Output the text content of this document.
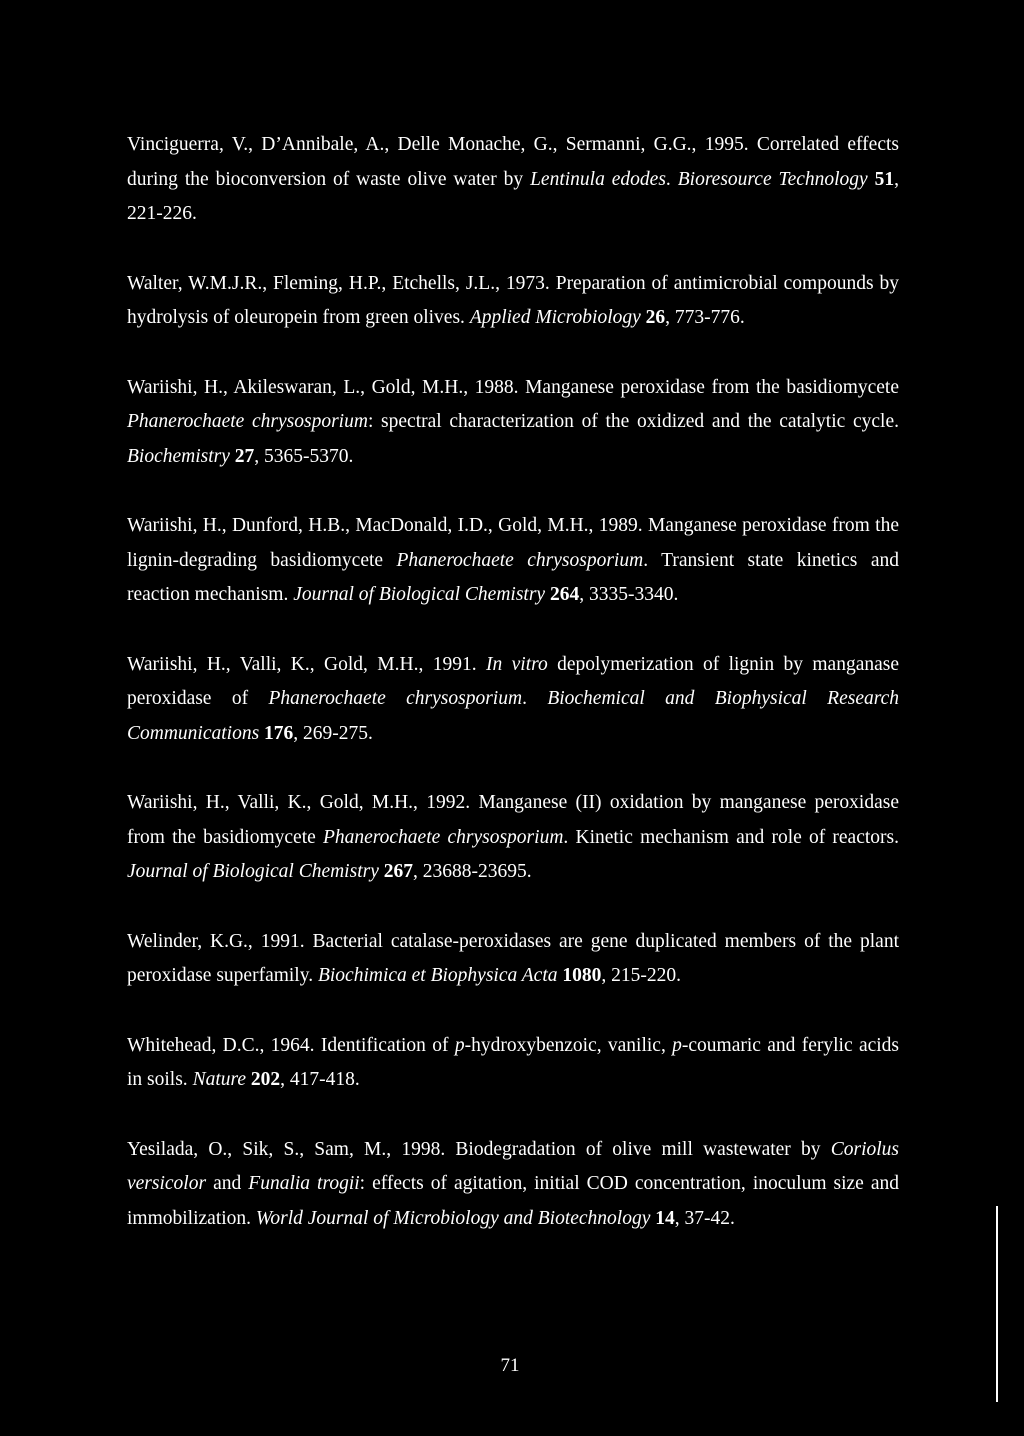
Vinciguerra, V., D’Annibale, A., Delle Monache, G., Sermanni, G.G., 1995. Correlated effects during the bioconversion of waste olive water by Lentinula edodes. Bioresource Technology 51, 221-226.

Walter, W.M.J.R., Fleming, H.P., Etchells, J.L., 1973. Preparation of antimicrobial compounds by hydrolysis of oleuropein from green olives. Applied Microbiology 26, 773-776.

Wariishi, H., Akileswaran, L., Gold, M.H., 1988. Manganese peroxidase from the basidiomycete Phanerochaete chrysosporium: spectral characterization of the oxidized and the catalytic cycle. Biochemistry 27, 5365-5370.

Wariishi, H., Dunford, H.B., MacDonald, I.D., Gold, M.H., 1989. Manganese peroxidase from the lignin-degrading basidiomycete Phanerochaete chrysosporium. Transient state kinetics and reaction mechanism. Journal of Biological Chemistry 264, 3335-3340.

Wariishi, H., Valli, K., Gold, M.H., 1991. In vitro depolymerization of lignin by manganase peroxidase of Phanerochaete chrysosporium. Biochemical and Biophysical Research Communications 176, 269-275.

Wariishi, H., Valli, K., Gold, M.H., 1992. Manganese (II) oxidation by manganese peroxidase from the basidiomycete Phanerochaete chrysosporium. Kinetic mechanism and role of reactors. Journal of Biological Chemistry 267, 23688-23695.

Welinder, K.G., 1991. Bacterial catalase-peroxidases are gene duplicated members of the plant peroxidase superfamily. Biochimica et Biophysica Acta 1080, 215-220.

Whitehead, D.C., 1964. Identification of p-hydroxybenzoic, vanilic, p-coumaric and ferylic acids in soils. Nature 202, 417-418.

Yesilada, O., Sik, S., Sam, M., 1998. Biodegradation of olive mill wastewater by Coriolus versicolor and Funalia trogii: effects of agitation, initial COD concentration, inoculum size and immobilization. World Journal of Microbiology and Biotechnology 14, 37-42.

71
